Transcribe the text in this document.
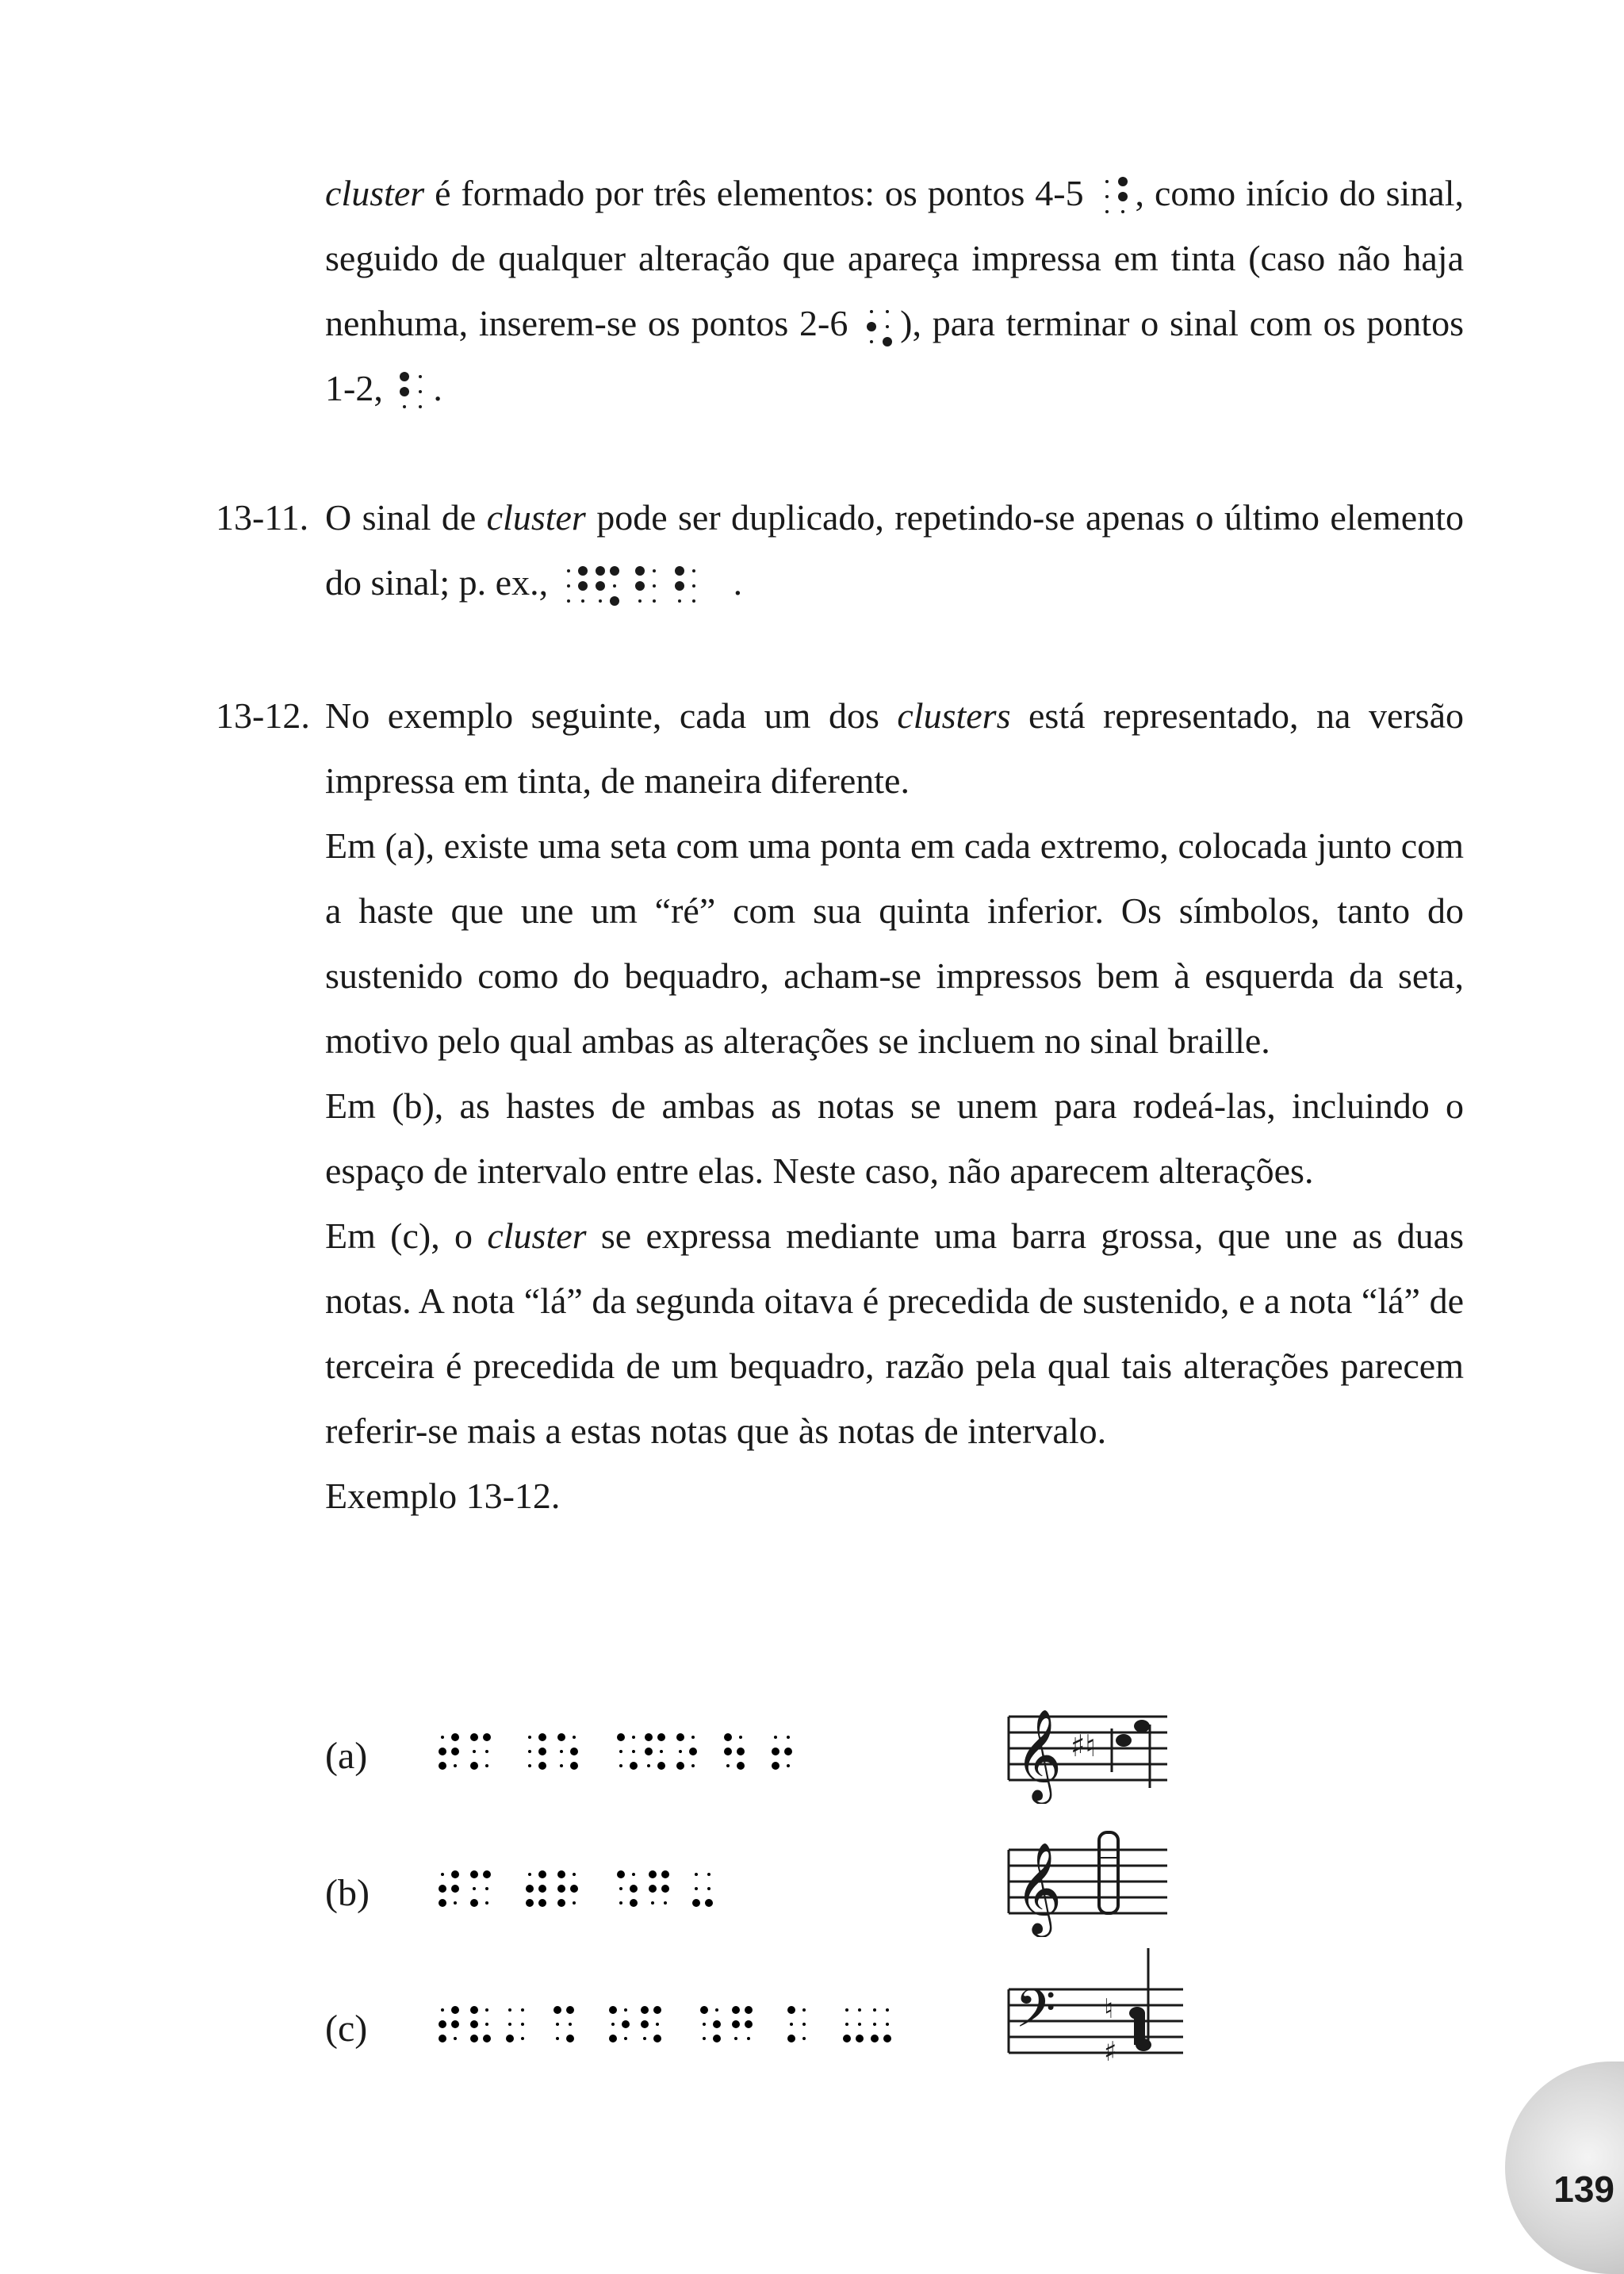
cluster é formado por três elementos: os pontos 4-5 , como início do sinal, seguido de qualquer alteração que apareça impressa em tinta (caso não haja nenhuma, inserem-se os pontos 2-6 ), para terminar o sinal com os pontos 1-2, .

13-11. O sinal de cluster pode ser duplicado, repetindo-se apenas o último elemento do sinal; p. ex.,	.

13-12. No exemplo seguinte, cada um dos clusters está representado, na versão impressa em tinta, de maneira diferente.

Em (a), existe uma seta com uma ponta em cada extremo, colocada junto com a haste que une um “ré” com sua quinta inferior. Os símbolos, tanto do sustenido como do bequadro, acham-se impressos bem à esquerda da seta, motivo pelo qual ambas as alterações se incluem no sinal braille.

Em (b), as hastes de ambas as notas se unem para rodeá-las, incluindo o espaço de intervalo entre elas. Neste caso, não aparecem alterações.

Em (c), o cluster se expressa mediante uma barra grossa, que une as duas notas. A nota “lá” da segunda oitava é precedida de sustenido, e a nota “lá” de terceira é precedida de um bequadro, razão pela qual tais alterações parecem referir-se mais a estas notas que às notas de intervalo.

Exemplo 13-12.

(a)	𝄞 ♯♮
(b)	𝄞
(c)	𝄢 ♮
♯
139
